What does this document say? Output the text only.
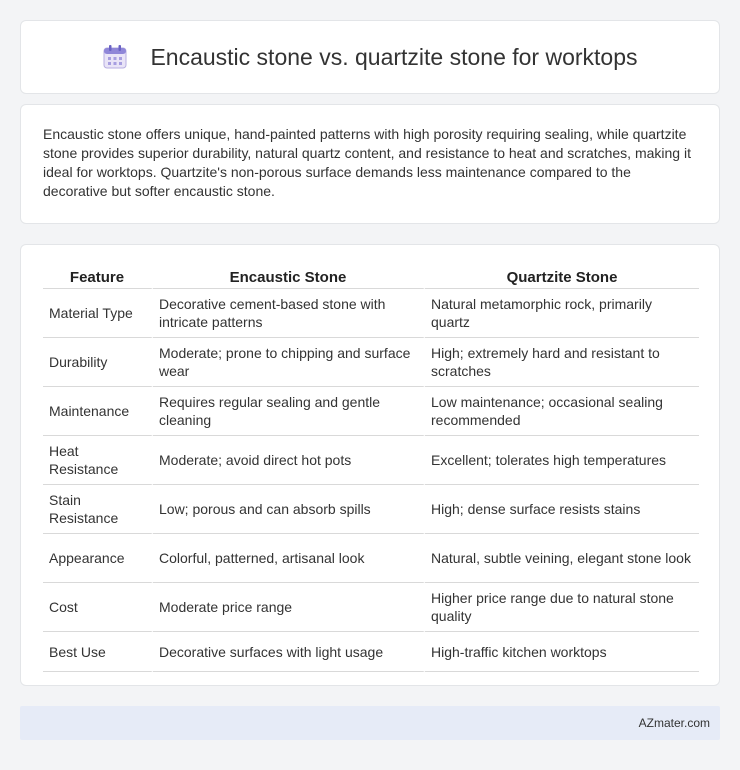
Encaustic stone vs. quartzite stone for worktops

Encaustic stone offers unique, hand-painted patterns with high porosity requiring sealing, while quartzite stone provides superior durability, natural quartz content, and resistance to heat and scratches, making it ideal for worktops. Quartzite's non-porous surface demands less maintenance compared to the decorative but softer encaustic stone.

Feature	Encaustic Stone	Quartzite Stone
Material Type	Decorative cement-based stone with intricate patterns	Natural metamorphic rock, primarily quartz
Durability	Moderate; prone to chipping and surface wear	High; extremely hard and resistant to scratches
Maintenance	Requires regular sealing and gentle cleaning	Low maintenance; occasional sealing recommended
Heat Resistance	Moderate; avoid direct hot pots	Excellent; tolerates high temperatures
Stain Resistance	Low; porous and can absorb spills	High; dense surface resists stains
Appearance	Colorful, patterned, artisanal look	Natural, subtle veining, elegant stone look
Cost	Moderate price range	Higher price range due to natural stone quality
Best Use	Decorative surfaces with light usage	High-traffic kitchen worktops
AZmater.com
